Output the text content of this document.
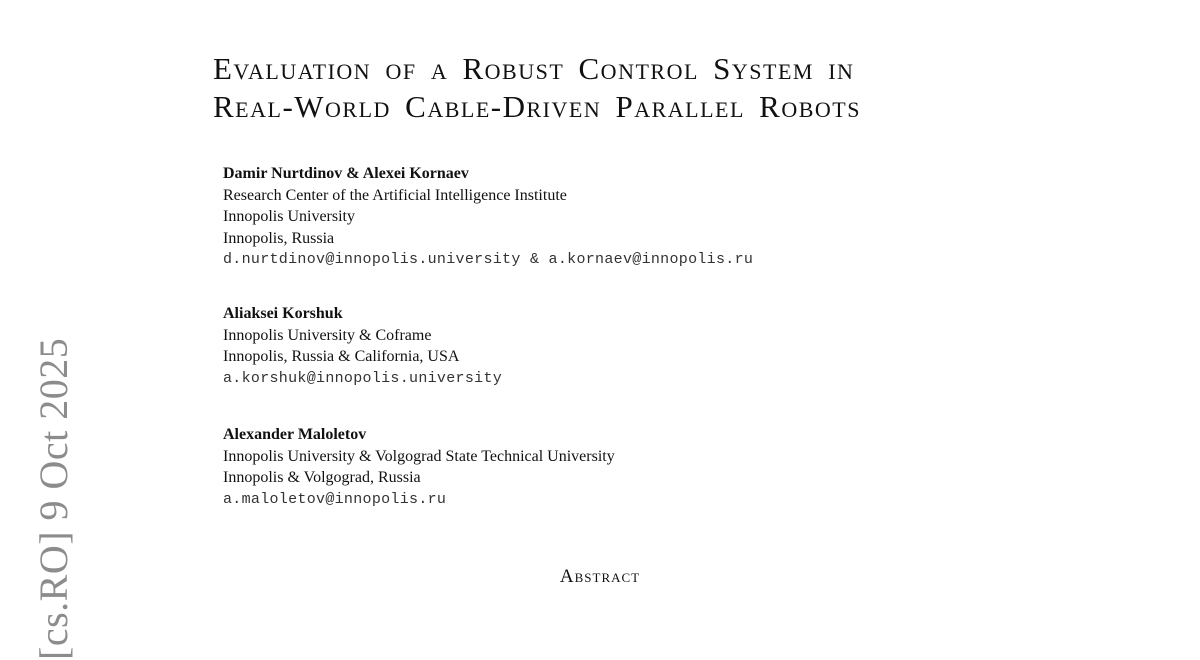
Evaluation of a Robust Control System in
Real-World Cable-Driven Parallel Robots
Damir Nurtdinov & Alexei Kornaev
Research Center of the Artificial Intelligence Institute
Innopolis University
Innopolis, Russia
d.nurtdinov@innopolis.university & a.kornaev@innopolis.ru
Aliaksei Korshuk
Innopolis University & Coframe
Innopolis, Russia & California, USA
a.korshuk@innopolis.university
Alexander Maloletov
Innopolis University & Volgograd State Technical University
Innopolis & Volgograd, Russia
a.maloletov@innopolis.ru
Abstract
[cs.RO] 9 Oct 2025
